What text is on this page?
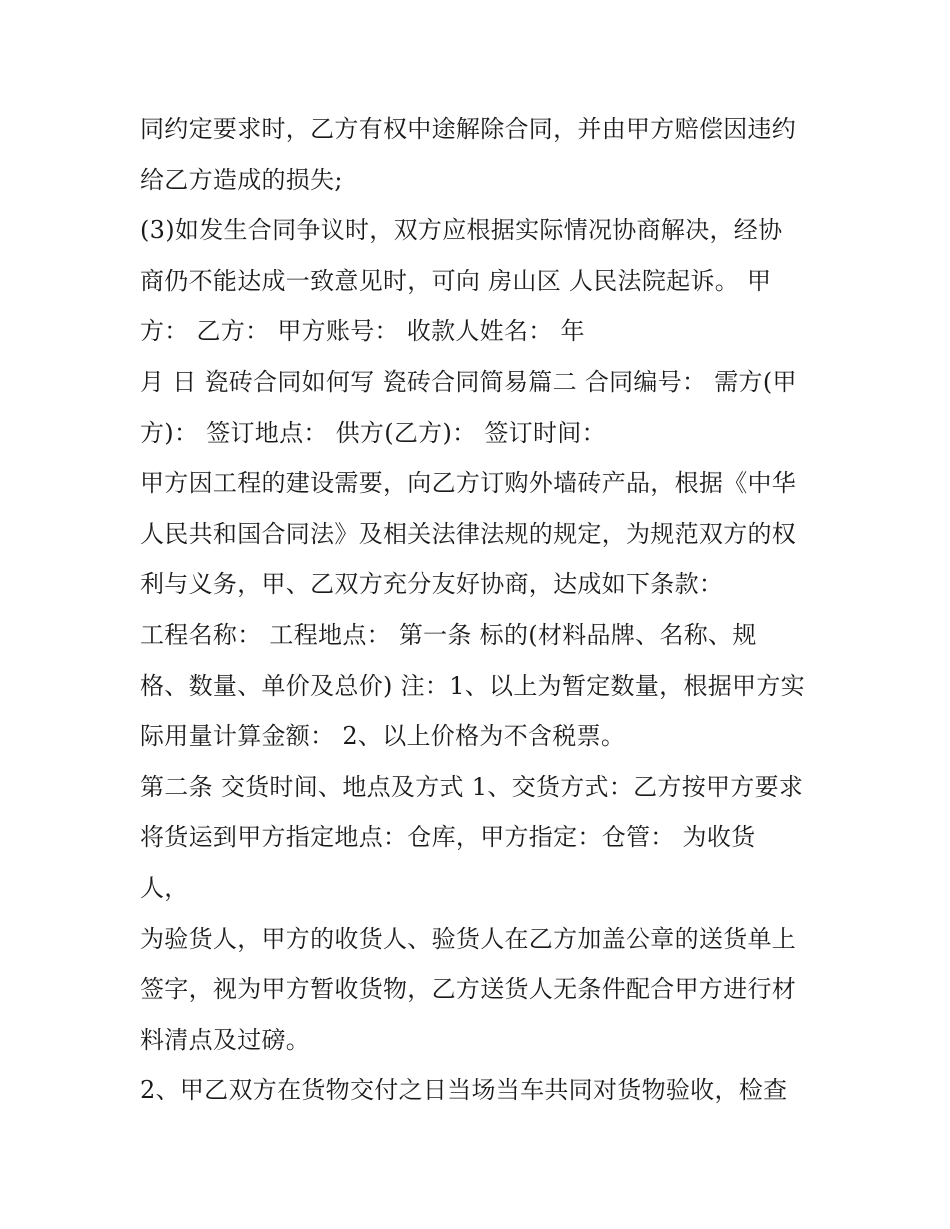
同约定要求时，乙方有权中途解除合同，并由甲方赔偿因违约
给乙方造成的损失;
(3)如发生合同争议时，双方应根据实际情况协商解决，经协
商仍不能达成一致意见时，可向 房山区 人民法院起诉。 甲
方： 乙方： 甲方账号： 收款人姓名： 年
月 日 瓷砖合同如何写 瓷砖合同简易篇二 合同编号： 需方(甲
方)： 签订地点： 供方(乙方)： 签订时间：
甲方因工程的建设需要，向乙方订购外墙砖产品，根据《中华
人民共和国合同法》及相关法律法规的规定，为规范双方的权
利与义务，甲、乙双方充分友好协商，达成如下条款：
工程名称： 工程地点： 第一条 标的(材料品牌、名称、规
格、数量、单价及总价) 注：1、以上为暂定数量，根据甲方实
际用量计算金额： 2、以上价格为不含税票。
第二条 交货时间、地点及方式 1、交货方式：乙方按甲方要求
将货运到甲方指定地点：仓库，甲方指定：仓管： 为收货
人，
为验货人，甲方的收货人、验货人在乙方加盖公章的送货单上
签字，视为甲方暂收货物，乙方送货人无条件配合甲方进行材
料清点及过磅。
2、甲乙双方在货物交付之日当场当车共同对货物验收，检查
